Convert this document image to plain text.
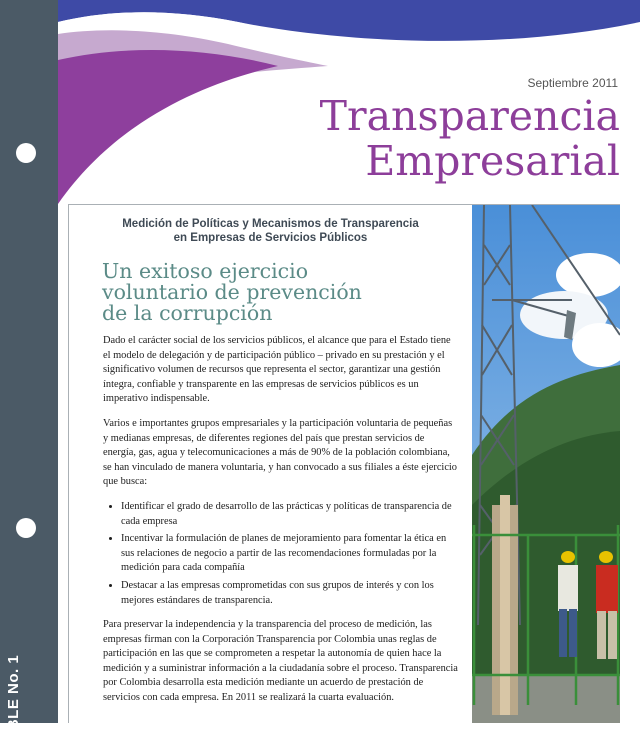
BLE No. 1
Septiembre 2011
Transparencia
Empresarial
Medición de Políticas y Mecanismos de Transparencia
en Empresas de Servicios Públicos
Un exitoso ejercicio
voluntario de prevención
de la corrupción

Dado el carácter social de los servicios públicos, el alcance que para el Estado tiene el modelo de delegación y de participación público – privado en su prestación y el significativo volumen de recursos que representa el sector, garantizar una gestión íntegra, confiable y transparente en las empresas de servicios públicos es un imperativo indispensable.

Varios e importantes grupos empresariales y la participación voluntaria de pequeñas y medianas empresas, de diferentes regiones del país que prestan servicios de energía, gas, agua y telecomunicaciones a más de 90% de la población colombiana, se han vinculado de manera voluntaria, y han convocado a sus filiales a éste ejercicio que busca:

• Identificar el grado de desarrollo de las prácticas y políticas de transparencia de cada empresa
• Incentivar la formulación de planes de mejoramiento para fomentar la ética en sus relaciones de negocio a partir de las recomendaciones formuladas por la medición para cada compañía
• Destacar a las empresas comprometidas con sus grupos de interés y con los mejores estándares de transparencia.

Para preservar la independencia y la transparencia del proceso de medición, las empresas firman con la Corporación Transparencia por Colombia unas reglas de participación en las que se comprometen a respetar la autonomía de quien hace la medición y a suministrar información a la ciudadanía sobre el proceso. Transparencia por Colombia desarrolla esta medición mediante un acuerdo de prestación de servicios con cada empresa. En 2011 se realizará la cuarta evaluación.
